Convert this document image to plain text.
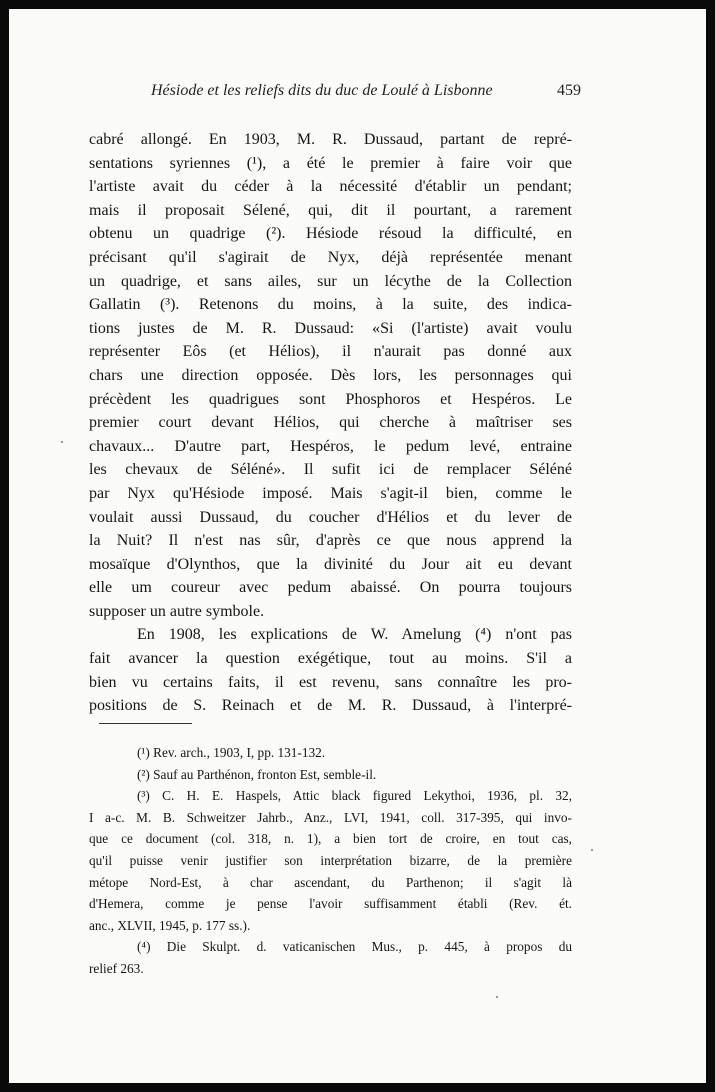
Hésiode et les reliefs dits du duc de Loulé à Lisbonne	459
cabré allongé. En 1903, M. R. Dussaud, partant de repré-
sentations syriennes (¹), a été le premier à faire voir que
l'artiste avait du céder à la nécessité d'établir un pendant;
mais il proposait Sélené, qui, dit il pourtant, a rarement
obtenu un quadrige (²). Hésiode résoud la difficulté, en
précisant qu'il s'agirait de Nyx, déjà représentée menant
un quadrige, et sans ailes, sur un lécythe de la Collection
Gallatin (³). Retenons du moins, à la suite, des indica-
tions justes de M. R. Dussaud: «Si (l'artiste) avait voulu
représenter Eôs (et Hélios), il n'aurait pas donné aux
chars une direction opposée. Dès lors, les personnages qui
précèdent les quadrigues sont Phosphoros et Hespéros. Le
premier court devant Hélios, qui cherche à maîtriser ses
chavaux... D'autre part, Hespéros, le pedum levé, entraine
les chevaux de Séléné». Il sufit ici de remplacer Séléné
par Nyx qu'Hésiode imposé. Mais s'agit-il bien, comme le
voulait aussi Dussaud, du coucher d'Hélios et du lever de
la Nuit? Il n'est nas sûr, d'après ce que nous apprend la
mosaïque d'Olynthos, que la divinité du Jour ait eu devant
elle um coureur avec pedum abaissé. On pourra toujours
supposer un autre symbole.
En 1908, les explications de W. Amelung (⁴) n'ont pas
fait avancer la question exégétique, tout au moins. S'il a
bien vu certains faits, il est revenu, sans connaître les pro-
positions de S. Reinach et de M. R. Dussaud, à l'interpré-
(¹) Rev. arch., 1903, I, pp. 131-132.
(²) Sauf au Parthénon, fronton Est, semble-il.
(³) C. H. E. Haspels, Attic black figured Lekythoi, 1936, pl. 32,
I a-c. M. B. Schweitzer Jahrb., Anz., LVI, 1941, coll. 317-395, qui invo-
que ce document (col. 318, n. 1), a bien tort de croire, en tout cas,
qu'il puisse venir justifier son interprétation bizarre, de la première
métope Nord-Est, à char ascendant, du Parthenon; il s'agit là
d'Hemera, comme je pense l'avoir suffisamment établi (Rev. ét.
anc., XLVII, 1945, p. 177 ss.).
(⁴) Die Skulpt. d. vaticanischen Mus., p. 445, à propos du
relief 263.
